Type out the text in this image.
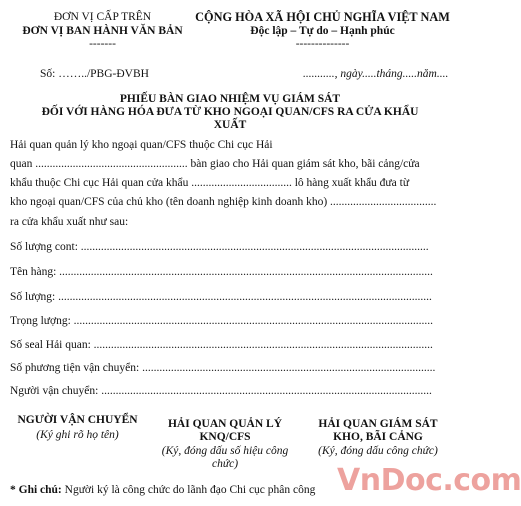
ĐƠN VỊ CẤP TRÊN
ĐƠN VỊ BAN HÀNH VĂN BẢN
-------
CỘNG HÒA XÃ HỘI CHỦ NGHĨA VIỆT NAM
Độc lập – Tự do – Hạnh phúc
--------------
Số: ……../PBG-ĐVBH	..........., ngày.....tháng.....năm....
PHIẾU BÀN GIAO NHIỆM VỤ GIÁM SÁT
ĐỐI VỚI HÀNG HÓA ĐƯA TỪ KHO NGOẠI QUAN/CFS RA CỬA KHẨU
XUẤT
Hải quan quản lý kho ngoại quan/CFS thuộc Chi cục Hải
quan ..................................................... bàn giao cho Hải quan giám sát kho, bãi cảng/cửa
khẩu thuộc Chi cục Hải quan cửa khẩu ................................... lô hàng xuất khẩu đưa từ
kho ngoại quan/CFS của chủ kho (tên doanh nghiệp kinh doanh kho) .....................................
ra cửa khẩu xuất như sau:
Số lượng cont: .........................................................................................................................
Tên hàng: ..................................................................................................................................
Số lượng: ..................................................................................................................................
Trọng lượng: .............................................................................................................................
Số seal Hải quan: ......................................................................................................................
Số phương tiện vận chuyển: ......................................................................................................
Người vận chuyển: ...................................................................................................................
NGƯỜI VẬN CHUYỂN
(Ký ghi rõ họ tên)
HẢI QUAN QUẢN LÝ
KNQ/CFS
(Ký, đóng dấu số hiệu công
chức)
HẢI QUAN GIÁM SÁT
KHO, BÃI CẢNG
(Ký, đóng dấu công chức)
* Ghi chú: Người ký là công chức do lãnh đạo Chi cục phân công VnDoc.com
